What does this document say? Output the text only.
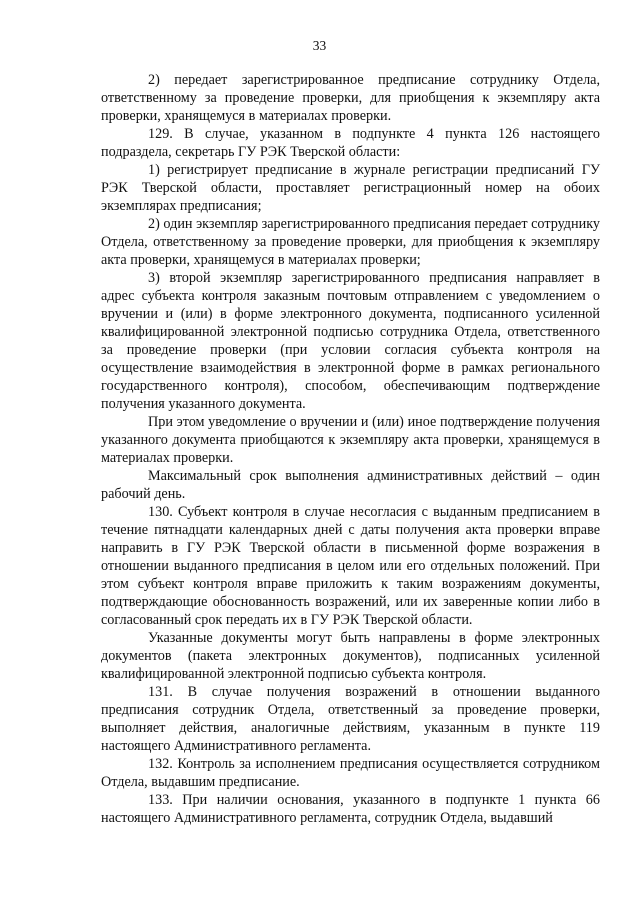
33

2) передает зарегистрированное предписание сотруднику Отдела, ответственному за проведение проверки, для приобщения к экземпляру акта проверки, хранящемуся в материалах проверки.

129. В случае, указанном в подпункте 4 пункта 126 настоящего подраздела, секретарь ГУ РЭК Тверской области:

1) регистрирует предписание в журнале регистрации предписаний ГУ РЭК Тверской области, проставляет регистрационный номер на обоих экземплярах предписания;

2) один экземпляр зарегистрированного предписания передает сотруднику Отдела, ответственному за проведение проверки, для приобщения к экземпляру акта проверки, хранящемуся в материалах проверки;

3) второй экземпляр зарегистрированного предписания направляет в адрес субъекта контроля заказным почтовым отправлением с уведомлением о вручении и (или) в форме электронного документа, подписанного усиленной квалифицированной электронной подписью сотрудника Отдела, ответственного за проведение проверки (при условии согласия субъекта контроля на осуществление взаимодействия в электронной форме в рамках регионального государственного контроля), способом, обеспечивающим подтверждение получения указанного документа.

При этом уведомление о вручении и (или) иное подтверждение получения указанного документа приобщаются к экземпляру акта проверки, хранящемуся в материалах проверки.

Максимальный срок выполнения административных действий – один рабочий день.

130. Субъект контроля в случае несогласия с выданным предписанием в течение пятнадцати календарных дней с даты получения акта проверки вправе направить в ГУ РЭК Тверской области в письменной форме возражения в отношении выданного предписания в целом или его отдельных положений. При этом субъект контроля вправе приложить к таким возражениям документы, подтверждающие обоснованность возражений, или их заверенные копии либо в согласованный срок передать их в ГУ РЭК Тверской области.

Указанные документы могут быть направлены в форме электронных документов (пакета электронных документов), подписанных усиленной квалифицированной электронной подписью субъекта контроля.

131. В случае получения возражений в отношении выданного предписания сотрудник Отдела, ответственный за проведение проверки, выполняет действия, аналогичные действиям, указанным в пункте 119 настоящего Административного регламента.

132. Контроль за исполнением предписания осуществляется сотрудником Отдела, выдавшим предписание.

133. При наличии основания, указанного в подпункте 1 пункта 66 настоящего Административного регламента, сотрудник Отдела, выдавший
